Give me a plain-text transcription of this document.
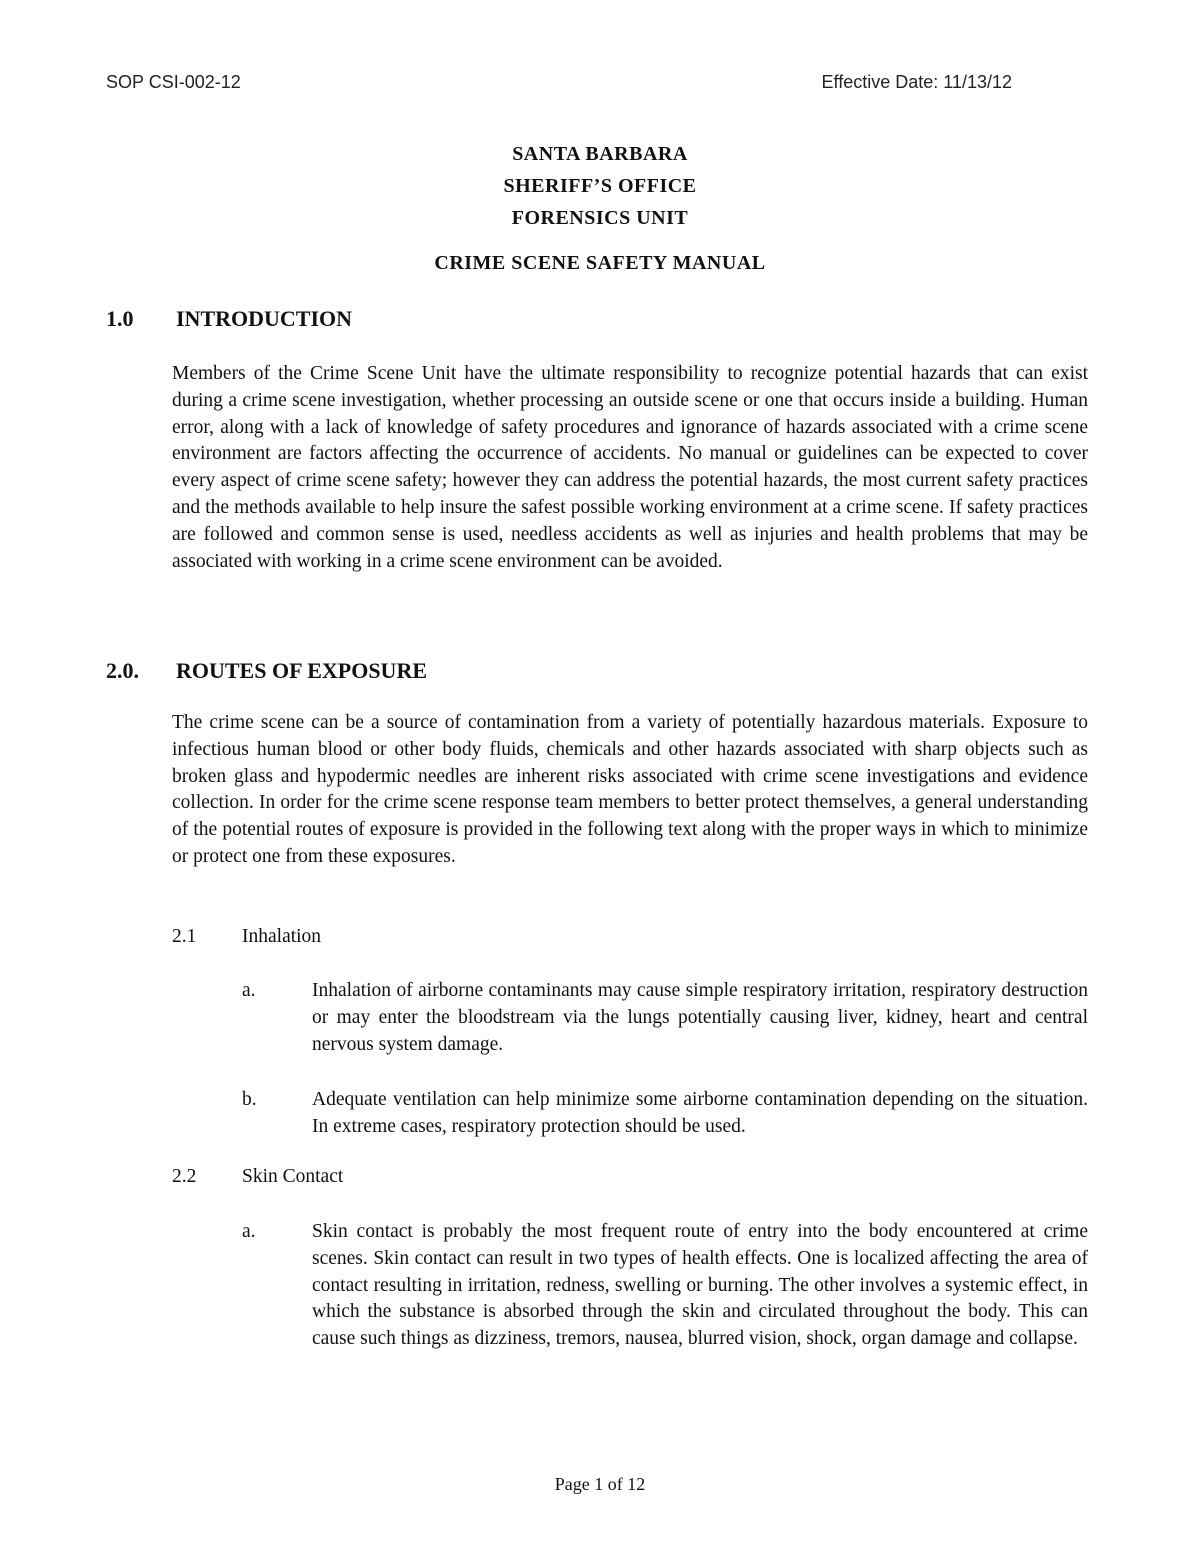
SOP CSI-002-12	Effective Date: 11/13/12
SANTA BARBARA
SHERIFF’S OFFICE
FORENSICS UNIT
CRIME SCENE SAFETY MANUAL
1.0 INTRODUCTION

Members of the Crime Scene Unit have the ultimate responsibility to recognize potential hazards that can exist during a crime scene investigation, whether processing an outside scene or one that occurs inside a building. Human error, along with a lack of knowledge of safety procedures and ignorance of hazards associated with a crime scene environment are factors affecting the occurrence of accidents. No manual or guidelines can be expected to cover every aspect of crime scene safety; however they can address the potential hazards, the most current safety practices and the methods available to help insure the safest possible working environment at a crime scene. If safety practices are followed and common sense is used, needless accidents as well as injuries and health problems that may be associated with working in a crime scene environment can be avoided.

2.0. ROUTES OF EXPOSURE

The crime scene can be a source of contamination from a variety of potentially hazardous materials. Exposure to infectious human blood or other body fluids, chemicals and other hazards associated with sharp objects such as broken glass and hypodermic needles are inherent risks associated with crime scene investigations and evidence collection. In order for the crime scene response team members to better protect themselves, a general understanding of the potential routes of exposure is provided in the following text along with the proper ways in which to minimize or protect one from these exposures.

2.1 Inhalation
a.	Inhalation of airborne contaminants may cause simple respiratory irritation, respiratory destruction or may enter the bloodstream via the lungs potentially causing liver, kidney, heart and central nervous system damage.
b.	Adequate ventilation can help minimize some airborne contamination depending on the situation. In extreme cases, respiratory protection should be used.
2.2 Skin Contact
a.	Skin contact is probably the most frequent route of entry into the body encountered at crime scenes. Skin contact can result in two types of health effects. One is localized affecting the area of contact resulting in irritation, redness, swelling or burning. The other involves a systemic effect, in which the substance is absorbed through the skin and circulated throughout the body. This can cause such things as dizziness, tremors, nausea, blurred vision, shock, organ damage and collapse.
Page 1 of 12
